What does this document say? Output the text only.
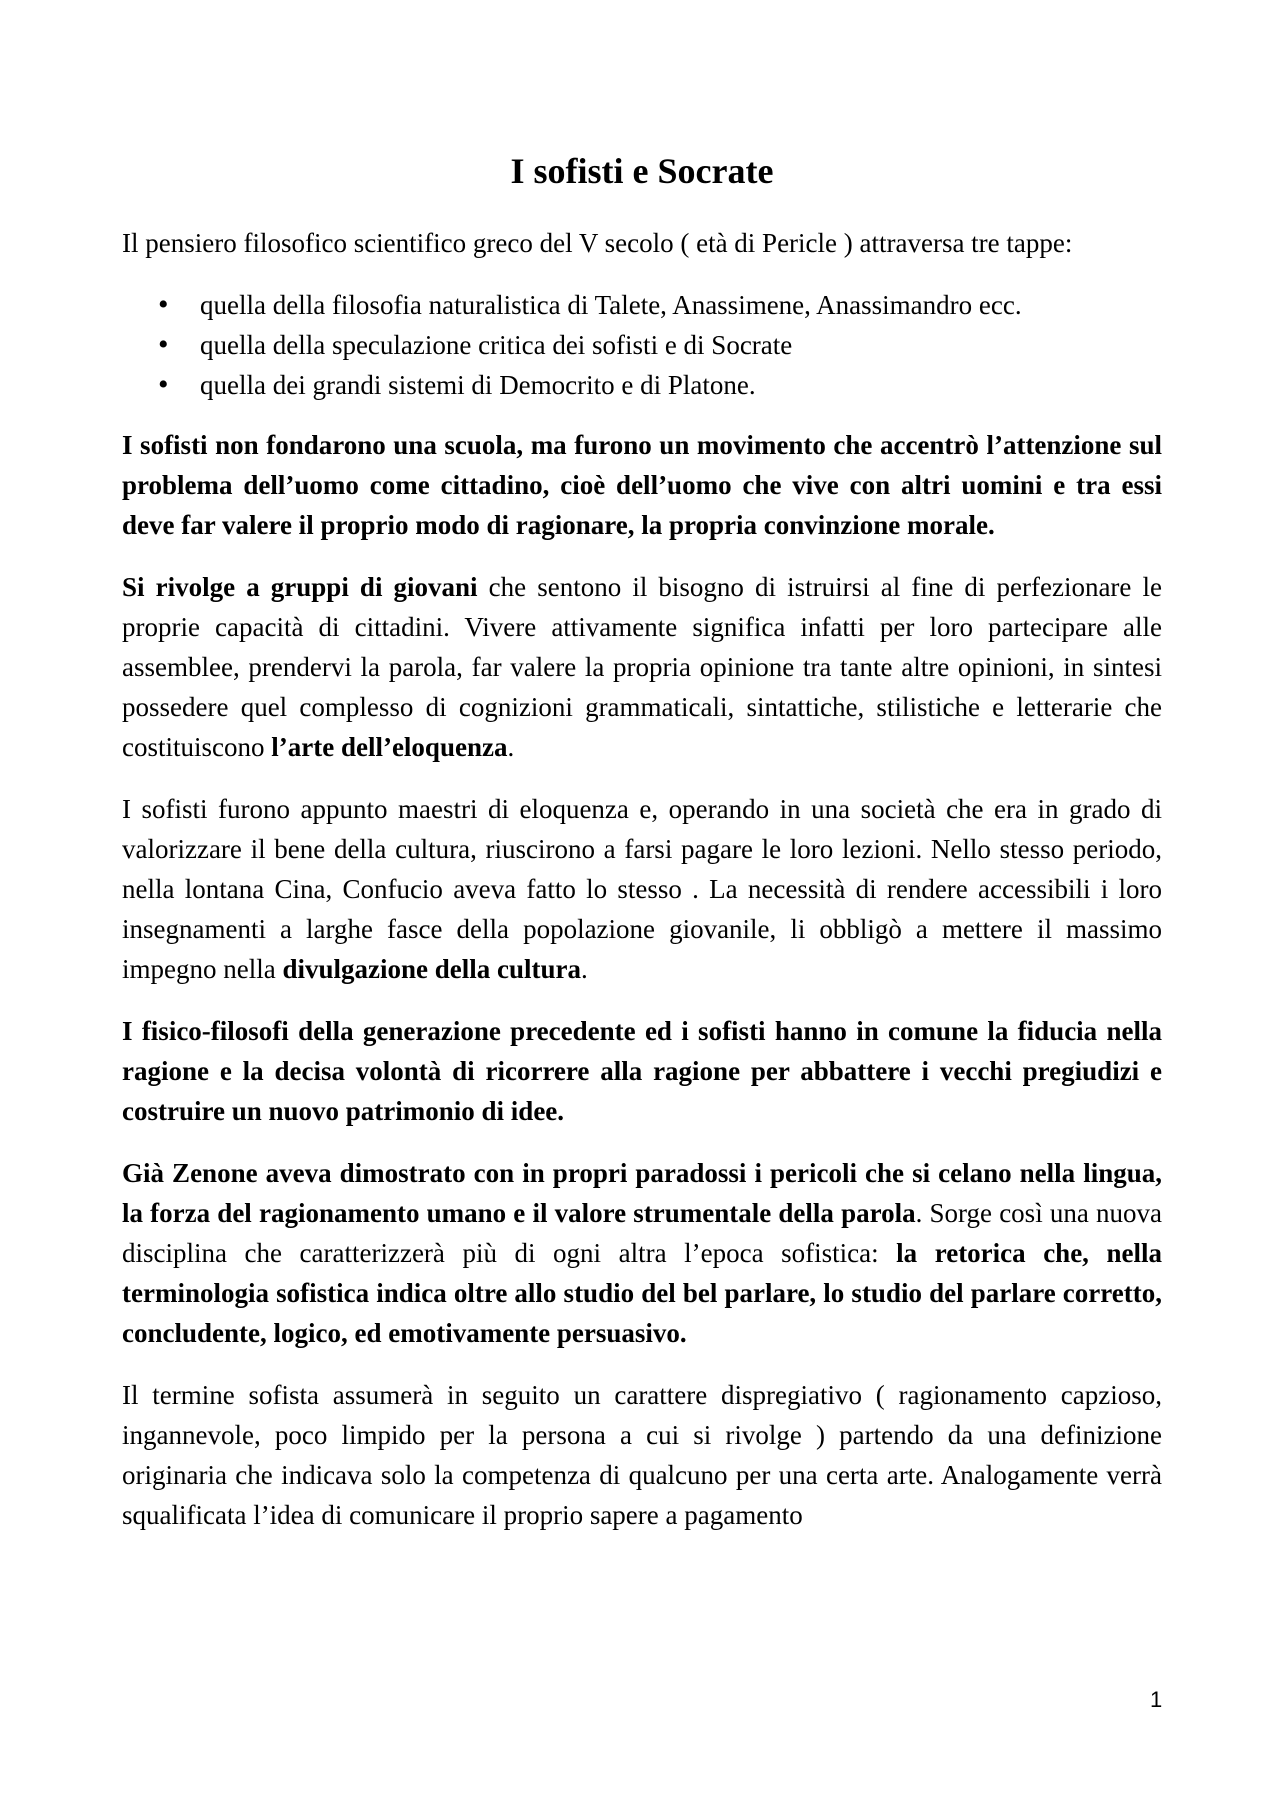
I sofisti e Socrate

Il pensiero filosofico scientifico greco del V secolo ( età di Pericle ) attraversa tre tappe:

• quella della filosofia naturalistica di Talete, Anassimene, Anassimandro ecc.
• quella della speculazione critica dei sofisti e di Socrate
• quella dei grandi sistemi di Democrito e di Platone.

I sofisti non fondarono una scuola, ma furono un movimento che accentrò l’attenzione sul problema dell’uomo come cittadino, cioè dell’uomo che vive con altri uomini e tra essi deve far valere il proprio modo di ragionare, la propria convinzione morale.

Si rivolge a gruppi di giovani che sentono il bisogno di istruirsi al fine di perfezionare le proprie capacità di cittadini. Vivere attivamente significa infatti per loro partecipare alle assemblee, prendervi la parola, far valere la propria opinione tra tante altre opinioni, in sintesi possedere quel complesso di cognizioni grammaticali, sintattiche, stilistiche e letterarie che costituiscono l’arte dell’eloquenza.

I sofisti furono appunto maestri di eloquenza e, operando in una società che era in grado di valorizzare il bene della cultura, riuscirono a farsi pagare le loro lezioni. Nello stesso periodo, nella lontana Cina, Confucio aveva fatto lo stesso . La necessità di rendere accessibili i loro insegnamenti a larghe fasce della popolazione giovanile, li obbligò a mettere il massimo impegno nella divulgazione della cultura.

I fisico-filosofi della generazione precedente ed i sofisti hanno in comune la fiducia nella ragione e la decisa volontà di ricorrere alla ragione per abbattere i vecchi pregiudizi e costruire un nuovo patrimonio di idee.

Già Zenone aveva dimostrato con in propri paradossi i pericoli che si celano nella lingua, la forza del ragionamento umano e il valore strumentale della parola. Sorge così una nuova disciplina che caratterizzerà più di ogni altra l’epoca sofistica: la retorica che, nella terminologia sofistica indica oltre allo studio del bel parlare, lo studio del parlare corretto, concludente, logico, ed emotivamente persuasivo.

Il termine sofista assumerà in seguito un carattere dispregiativo ( ragionamento capzioso, ingannevole, poco limpido per la persona a cui si rivolge ) partendo da una definizione originaria che indicava solo la competenza di qualcuno per una certa arte. Analogamente verrà squalificata l’idea di comunicare il proprio sapere a pagamento

1
